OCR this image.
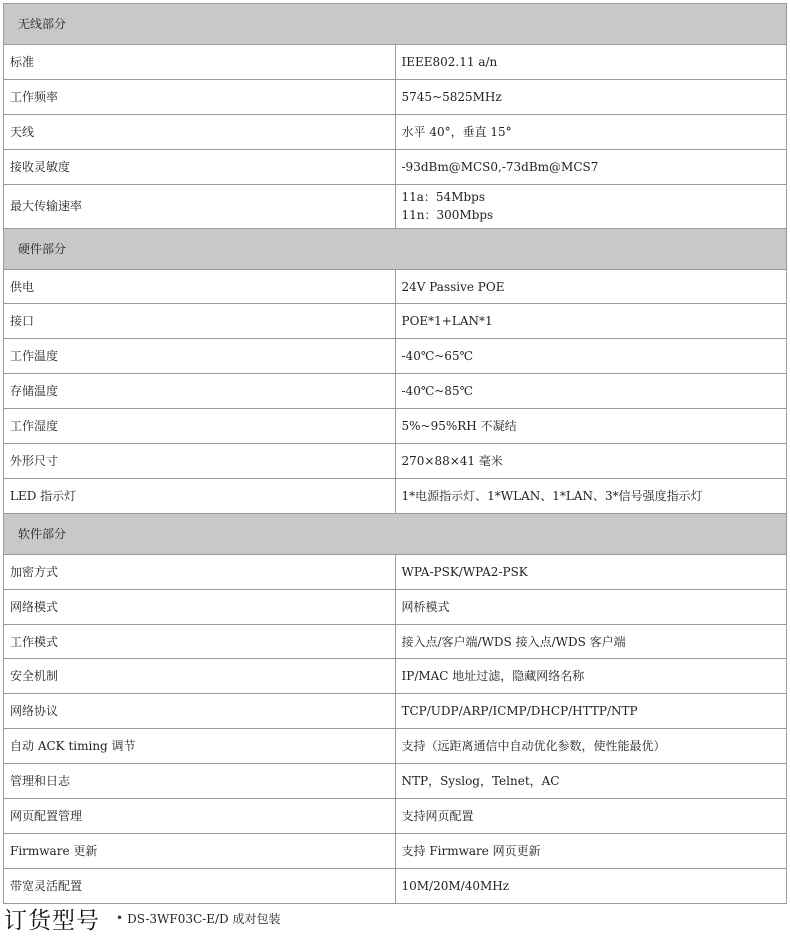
无线部分	
标准	IEEE802.11 a/n

工作频率	5745~5825MHz

天线	水平 40°，垂直 15°

接收灵敏度	-93dBm@MCS0,-73dBm@MCS7

最大传输速率	11a：54Mbps
11n：300Mbps

硬件部分	
供电	24V Passive POE

接口	POE*1+LAN*1

工作温度	-40℃~65℃

存储温度	-40℃~85℃

工作湿度	5%~95%RH 不凝结

外形尺寸	270×88×41 毫米

LED 指示灯	1*电源指示灯、1*WLAN、1*LAN、3*信号强度指示灯

软件部分	
加密方式	WPA-PSK/WPA2-PSK

网络模式	网桥模式

工作模式	接入点/客户端/WDS 接入点/WDS 客户端

安全机制	IP/MAC 地址过滤，隐藏网络名称

网络协议	TCP/UDP/ARP/ICMP/DHCP/HTTP/NTP

自动 ACK timing 调节	支持（远距离通信中自动优化参数，使性能最优）

管理和日志	NTP，Syslog，Telnet，AC

网页配置管理	支持网页配置

Firmware 更新	支持 Firmware 网页更新

带宽灵活配置	10M/20M/40MHz
订货型号 • DS-3WF03C-E/D 成对包装
